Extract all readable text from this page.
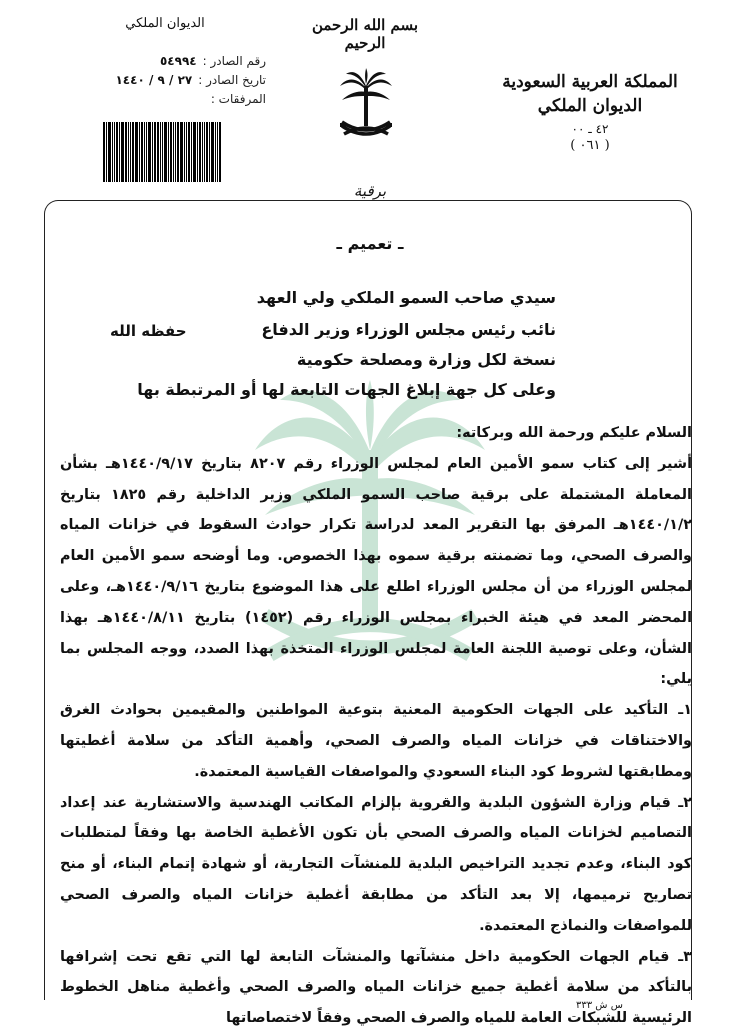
بسم الله الرحمن الرحيم
الديوان الملكي
رقم الصادر :
٥٤٩٩٤
تاريخ الصادر :
٢٧ / ٩ / ١٤٤٠
المرفقات :
المملكة العربية السعودية
الديوان الملكي
٤٢ ـ ٠٠
( ٠٦١ )
برقية
ـ تعميم ـ
سيدي صاحب السمو الملكي ولي العهد
نائب رئيس مجلس الوزراء وزير الدفاع
حفظه الله
نسخة لكل وزارة ومصلحة حكومية
وعلى كل جهة إبلاغ الجهات التابعة لها أو المرتبطة بها

السلام عليكم ورحمة الله وبركاته:

أشير إلى كتاب سمو الأمين العام لمجلس الوزراء رقم ٨٢٠٧ بتاريخ ١٤٤٠/٩/١٧هـ بشأن المعاملة المشتملة على برقية صاحب السمو الملكي وزير الداخلية رقم ١٨٢٥ بتاريخ ١٤٤٠/١/٢هـ المرفق بها التقرير المعد لدراسة تكرار حوادث السقوط في خزانات المياه والصرف الصحي، وما تضمنته برقية سموه بهذا الخصوص. وما أوضحه سمو الأمين العام لمجلس الوزراء من أن مجلس الوزراء اطلع على هذا الموضوع بتاريخ ١٤٤٠/٩/١٦هـ، وعلى المحضر المعد في هيئة الخبراء بمجلس الوزراء رقم (١٤٥٢) بتاريخ ١٤٤٠/٨/١١هـ بهذا الشأن، وعلى توصية اللجنة العامة لمجلس الوزراء المتخذة بهذا الصدد، ووجه المجلس بما يلي:

١ـ التأكيد على الجهات الحكومية المعنية بتوعية المواطنين والمقيمين بحوادث الغرق والاختناقات في خزانات المياه والصرف الصحي، وأهمية التأكد من سلامة أغطيتها ومطابقتها لشروط كود البناء السعودي والمواصفات القياسية المعتمدة.

٢ـ قيام وزارة الشؤون البلدية والقروية بإلزام المكاتب الهندسية والاستشارية عند إعداد التصاميم لخزانات المياه والصرف الصحي بأن تكون الأغطية الخاصة بها وفقاً لمتطلبات كود البناء، وعدم تجديد التراخيص البلدية للمنشآت التجارية، أو شهادة إتمام البناء، أو منح تصاريح ترميمها، إلا بعد التأكد من مطابقة أغطية خزانات المياه والصرف الصحي للمواصفات والنماذج المعتمدة.

٣ـ قيام الجهات الحكومية داخل منشآتها والمنشآت التابعة لها التي تقع تحت إشرافها بالتأكد من سلامة أغطية جميع خزانات المياه والصرف الصحي وأغطية مناهل الخطوط الرئيسية للشبكات العامة للمياه والصرف الصحي وفقاً لاختصاصاتها

س ش ٣٣٣
